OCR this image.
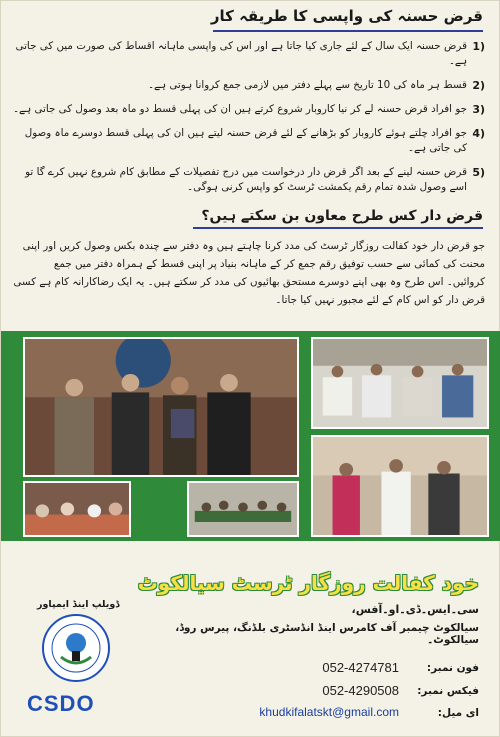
قرض حسنہ کی واپسی کا طریقہ کار
(1
قرض حسنہ ایک سال کے لئے جاری کیا جاتا ہے اور اس کی واپسی ماہانہ اقساط کی صورت میں کی جاتی ہے۔
(2
قسط ہر ماہ کی 10 تاریخ سے پہلے دفتر میں لازمی جمع کروانا ہوتی ہے۔
(3
جو افراد قرض حسنہ لے کر نیا کاروبار شروع کرتے ہیں ان کی پہلی قسط دو ماہ بعد وصول کی جاتی ہے۔
(4
جو افراد چلتے ہوئے کاروبار کو بڑھانے کے لئے قرض حسنہ لیتے ہیں ان کی پہلی قسط دوسرے ماہ وصول کی جاتی ہے۔
(5
قرض حسنہ لینے کے بعد اگر قرض دار درخواست میں درج تفصیلات کے مطابق کام شروع نہیں کرے گا تو اسے وصول شدہ تمام رقم یکمشت ٹرسٹ کو واپس کرنی ہوگی۔
قرض دار کس طرح معاون بن سکتے ہیں؟
جو قرض دار خود کفالت روزگار ٹرسٹ کی مدد کرنا چاہتے ہیں وہ دفتر سے چندہ بکس وصول کریں اور اپنی محنت کی کمائی سے حسب توفیق رقم جمع کر کے ماہانہ بنیاد پر اپنی قسط کے ہمراہ دفتر میں جمع کروائیں۔ اس طرح وہ بھی اپنے دوسرے مستحق بھائیوں کی مدد کر سکتے ہیں۔ یہ ایک رضاکارانہ کام ہے کسی قرض دار کو اس کام کے لئے مجبور نہیں کیا جاتا۔
خود کفالت روزگار ٹرسٹ سیالکوٹ
سی۔ایس۔ڈی۔او۔آفس،
سیالکوٹ چیمبر آف کامرس اینڈ انڈسٹری بلڈنگ، پیرس روڈ، سیالکوٹ۔
فون نمبر:
052-4274781
فیکس نمبر:
052-4290508
ای میل:
khudkifalatskt@gmail.com
ڈویلپ اینڈ ایمپاور
CSDO
